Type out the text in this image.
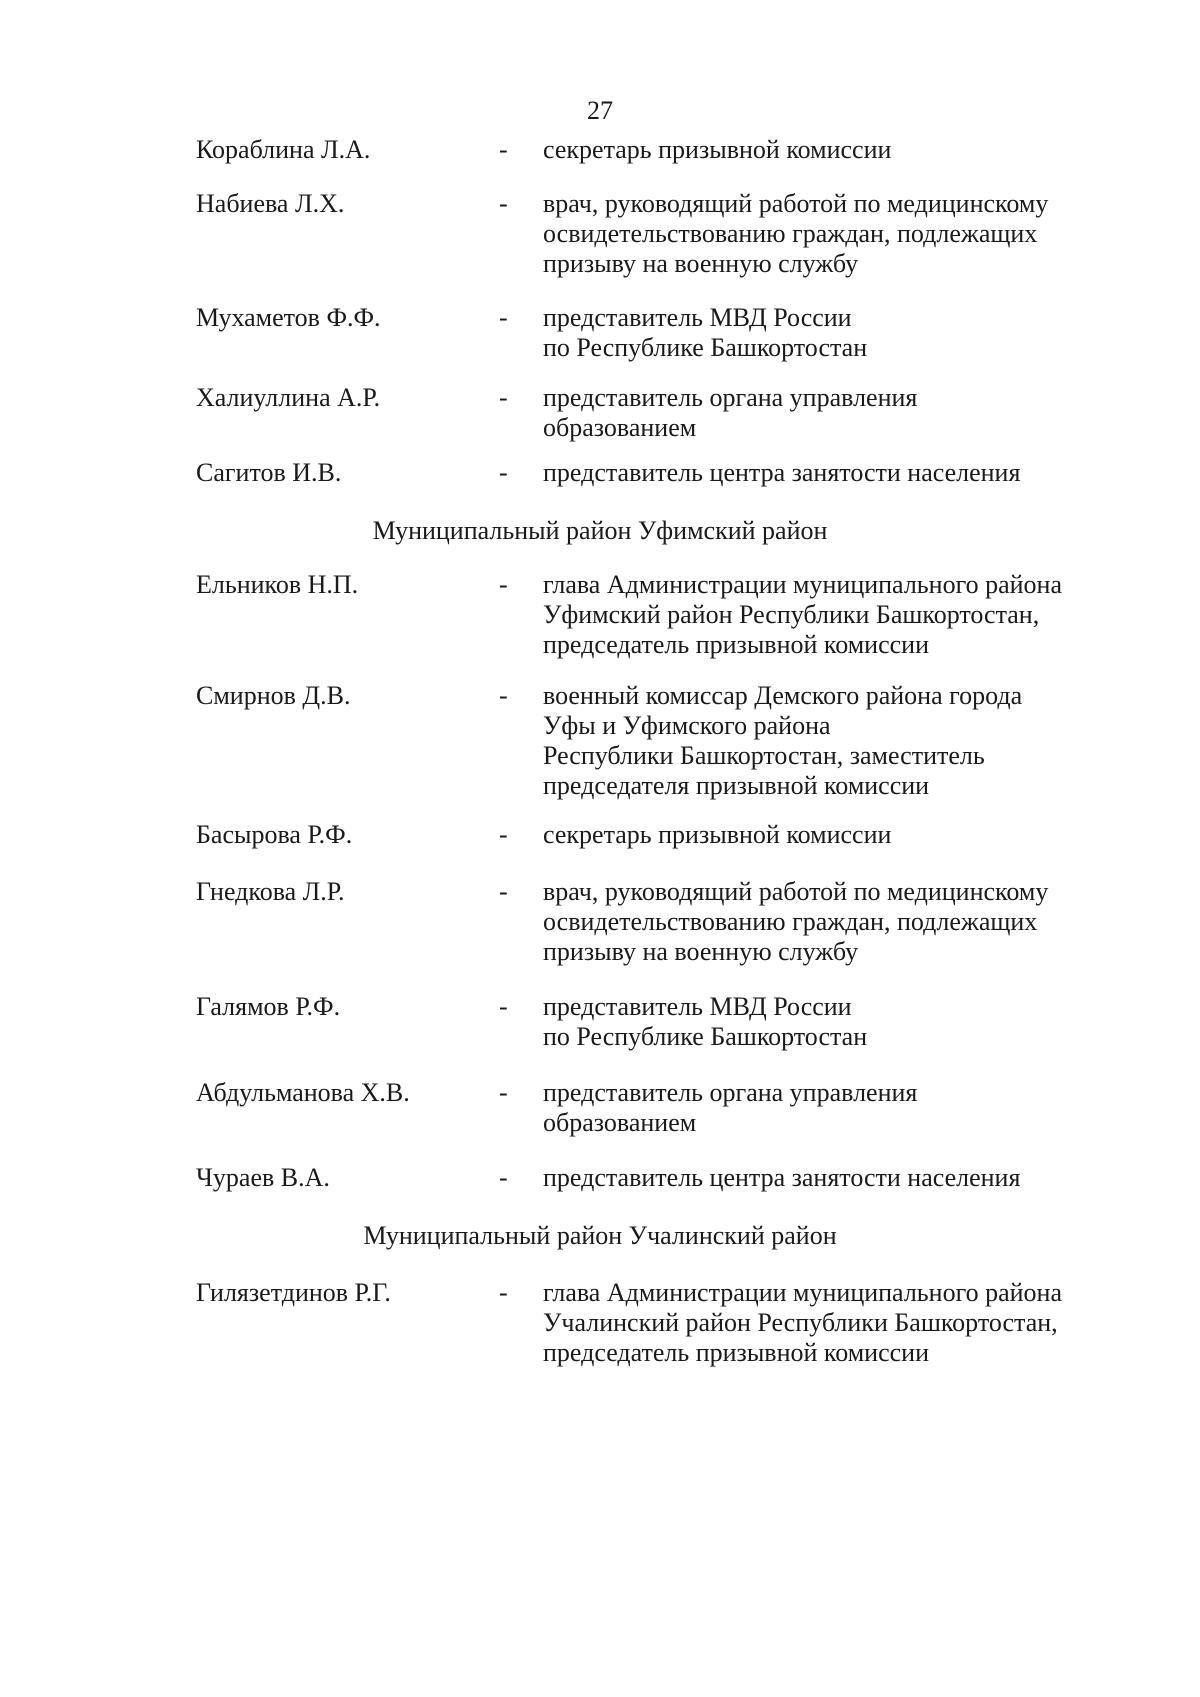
27
Кораблина Л.А.	- секретарь призывной комиссии
Набиева Л.Х.	- врач, руководящий работой по медицинскому
освидетельствованию граждан, подлежащих
призыву на военную службу
Мухаметов Ф.Ф.	- представитель МВД России
по Республике Башкортостан
Халиуллина А.Р.	- представитель органа управления
образованием
Сагитов И.В.	- представитель центра занятости населения
Муниципальный район Уфимский район
Ельников Н.П.	- глава Администрации муниципального района
Уфимский район Республики Башкортостан,
председатель призывной комиссии
Смирнов Д.В.	- военный комиссар Демского района города
Уфы и Уфимского района
Республики Башкортостан, заместитель
председателя призывной комиссии
Басырова Р.Ф.	- секретарь призывной комиссии
Гнедкова Л.Р.	- врач, руководящий работой по медицинскому
освидетельствованию граждан, подлежащих
призыву на военную службу
Галямов Р.Ф.	- представитель МВД России
по Республике Башкортостан
Абдульманова Х.В.	- представитель органа управления
образованием
Чураев В.А.	- представитель центра занятости населения
Муниципальный район Учалинский район
Гилязетдинов Р.Г.	- глава Администрации муниципального района
Учалинский район Республики Башкортостан,
председатель призывной комиссии
